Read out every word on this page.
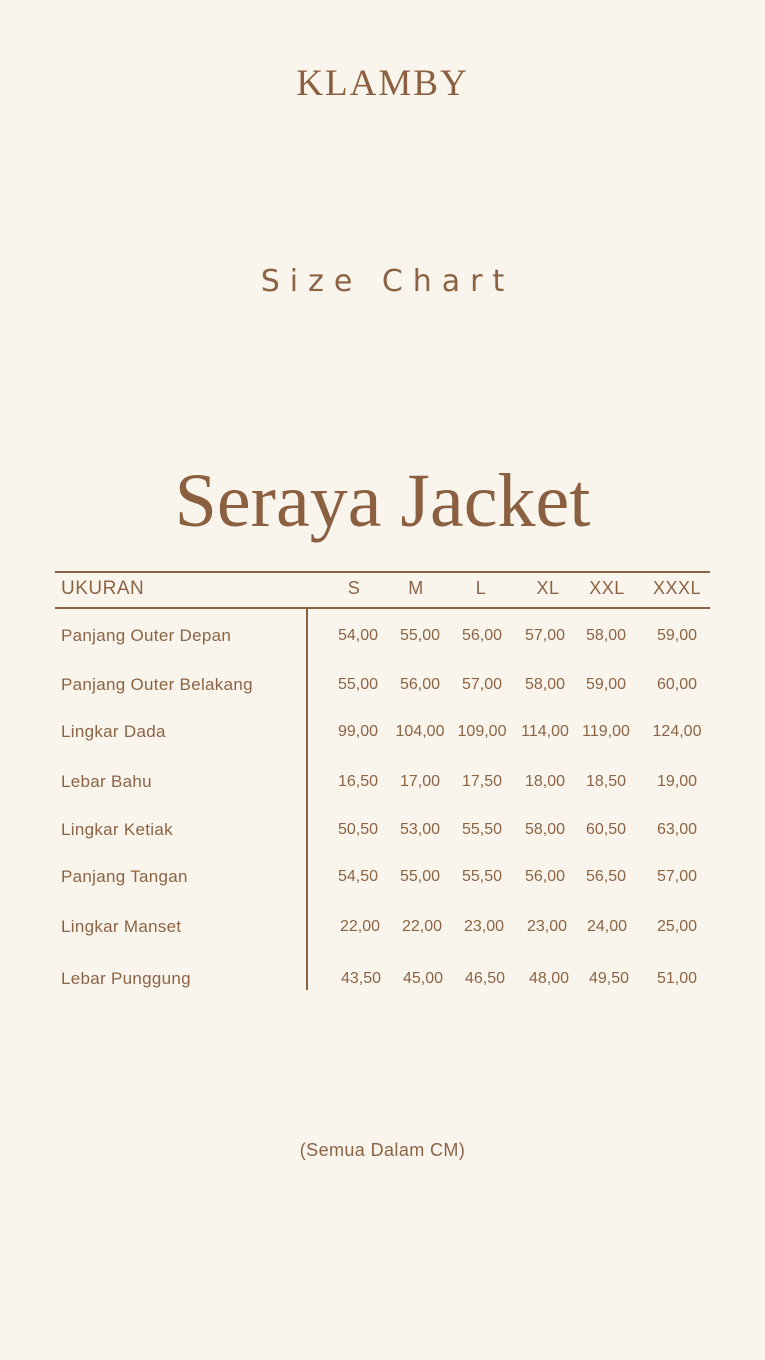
KLAMBY
Size Chart
Seraya Jacket
UKURAN	S	M	L	XL XXL XXXL
Panjang Outer Depan	54,00 55,00 56,00 57,00 58,00 59,00
Panjang Outer Belakang	55,00 56,00 57,00 58,00 59,00 60,00
Lingkar Dada	99,00 104,00 109,00 114,00 119,00 124,00
Lebar Bahu	16,50 17,00 17,50 18,00 18,50 19,00
Lingkar Ketiak	50,50 53,00 55,50 58,00 60,50 63,00
Panjang Tangan	54,50 55,00 55,50 56,00 56,50 57,00
Lingkar Manset	22,00 22,00 23,00 23,00 24,00 25,00
Lebar Punggung	43,50 45,00 46,50 48,00 49,50 51,00
(Semua Dalam CM)
